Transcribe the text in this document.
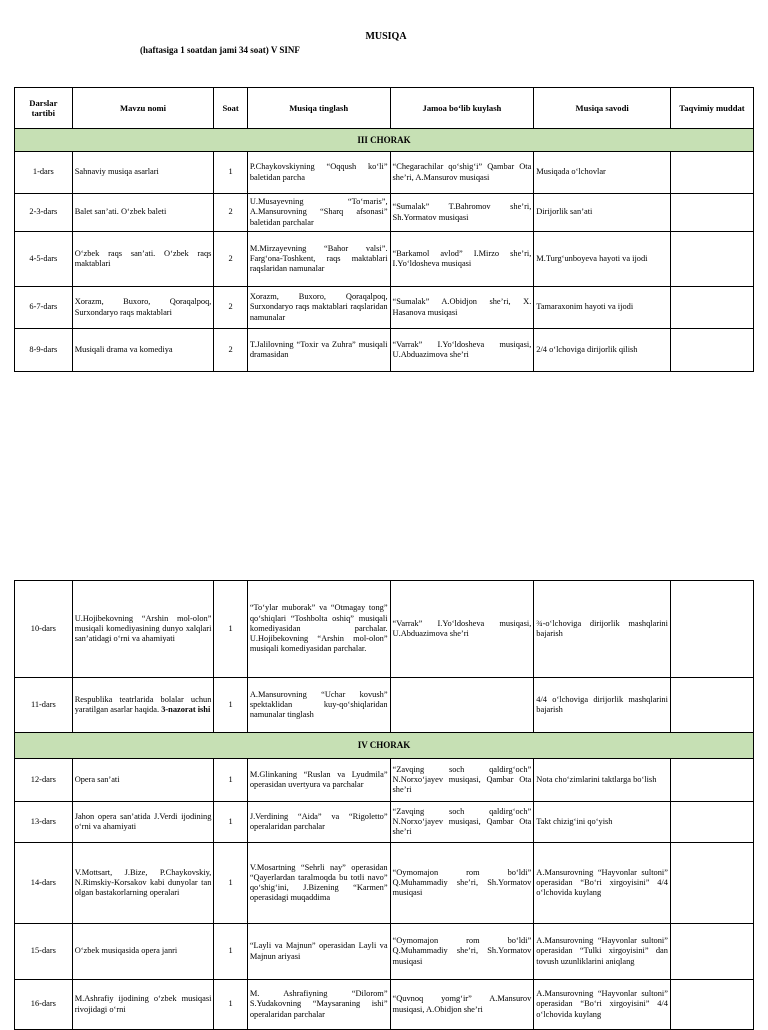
MUSIQA
(haftasiga 1 soatdan jami 34 soat) V SINF
Darslar tartibi	Mavzu nomi	Soat	Musiqa tinglash	Jamoa bo‘lib kuylash	Musiqa savodi	Taqvimiy muddat
III CHORAK						
1-dars	Sahnaviy musiqa asarlari	1	P.Chaykovskiyning “Oqqush ko‘li” baletidan parcha	“Chegarachilar qo‘shig‘i” Qambar Ota she’ri, A.Mansurov musiqasi	Musiqada o‘lchovlar	
2-3-dars	Balet san’ati. O‘zbek baleti	2	U.Musayevning “To‘maris”, A.Mansurovning “Sharq afsonasi” baletidan parchalar	“Sumalak” T.Bahromov she’ri, Sh.Yormatov musiqasi	Dirijorlik san’ati	
4-5-dars	O‘zbek raqs san’ati. O‘zbek raqs maktablari	2	M.Mirzayevning “Bahor valsi”. Farg‘ona-Toshkent, raqs maktablari raqslaridan namunalar	“Barkamol avlod” I.Mirzo she’ri, I.Yo‘ldosheva musiqasi	M.Turg‘unboyeva hayoti va ijodi	
6-7-dars	Xorazm, Buxoro, Qoraqalpoq, Surxondaryo raqs maktablari	2	Xorazm, Buxoro, Qoraqalpoq, Surxondaryo raqs maktablari raqslaridan namunalar	“Sumalak” A.Obidjon she’ri, X. Hasanova musiqasi	Tamaraxonim hayoti va ijodi	
8-9-dars	Musiqali drama va komediya	2	T.Jalilovning “Toxir va Zuhra” musiqali dramasidan	“Varrak” I.Yo‘ldosheva musiqasi, U.Abduazimova she’ri	2/4 o‘lchoviga dirijorlik qilish	
10-dars	U.Hojibekovning “Arshin mol-olon” musiqali komediyasining dunyo xalqlari san’atidagi o‘rni va ahamiyati	1	“To‘ylar muborak” va “Otmagay tong” qo‘shiqlari “Toshbolta oshiq” musiqali komediyasidan parchalar. U.Hojibekovning “Arshin mol-olon” musiqali komediyasidan parchalar.	“Varrak” I.Yo‘ldosheva musiqasi, U.Abduazimova she’ri	¾-o‘lchoviga dirijorlik mashqlarini bajarish	
11-dars	Respublika teatrlarida bolalar uchun yaratilgan asarlar haqida. 3-nazorat ishi	1	A.Mansurovning “Uchar kovush” spektaklidan kuy-qo‘shiqlaridan namunalar tinglash		4/4 o‘lchoviga dirijorlik mashqlarini bajarish	
IV CHORAK						
12-dars	Opera san’ati	1	M.Glinkaning “Ruslan va Lyudmila” operasidan uvertyura va parchalar	“Zavqing soch qaldirg‘och” N.Norxo‘jayev musiqasi, Qambar Ota she’ri	Nota cho‘zimlarini taktlarga bo‘lish	
13-dars	Jahon opera san’atida J.Verdi ijodining o‘rni va ahamiyati	1	J.Verdining “Aida” va “Rigoletto” operalaridan parchalar	“Zavqing soch qaldirg‘och” N.Norxo‘jayev musiqasi, Qambar Ota she’ri	Takt chizig‘ini qo‘yish	
14-dars	V.Mottsart, J.Bize, P.Chaykovskiy, N.Rimskiy-Korsakov kabi dunyolar tan olgan bastakorlarning operalari	1	V.Mosartning “Sehrli nay” operasidan “Qayerlardan taralmoqda bu totli navo” qo‘shig‘ini, J.Bizening “Karmen” operasidagi muqaddima	“Oymomajon rom bo‘ldi” Q.Muhammadiy she’ri, Sh.Yormatov musiqasi	A.Mansurovning “Hayvonlar sultoni” operasidan “Bo‘ri xirgoyisini” 4/4 o‘lchovida kuylang	
15-dars	O‘zbek musiqasida opera janri	1	“Layli va Majnun” operasidan Layli va Majnun ariyasi	“Oymomajon rom bo‘ldi” Q.Muhammadiy she’ri, Sh.Yormatov musiqasi	A.Mansurovning “Hayvonlar sultoni” operasidan “Tulki xirgoyisini” dan tovush uzunliklarini aniqlang	
16-dars	M.Ashrafiy ijodining o‘zbek musiqasi rivojidagi o‘rni	1	M. Ashrafiyning “Dilorom” S.Yudakovning “Maysaraning ishi” operalaridan parchalar	“Quvnoq yomg‘ir” A.Mansurov musiqasi, A.Obidjon she’ri	A.Mansurovning “Hayvonlar sultoni” operasidan “Bo‘ri xirgoyisini” 4/4 o‘lchovida kuylang	
